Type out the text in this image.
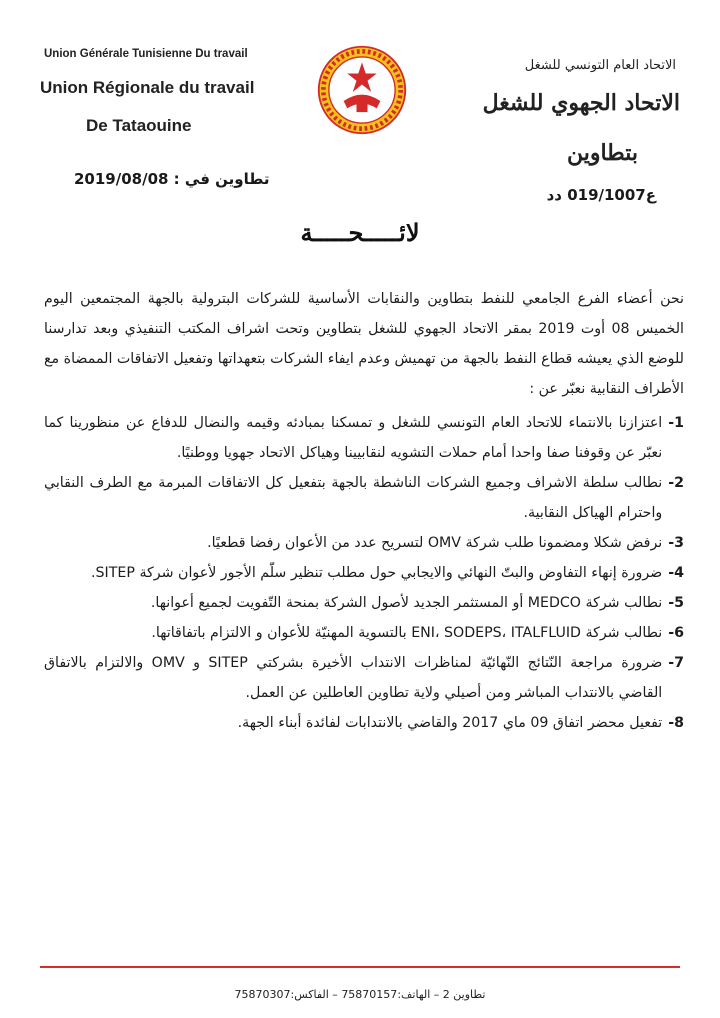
Union Générale Tunisienne Du travail
Union Régionale du travail
De Tataouine
الاتحاد العام التونسي للشغل
الاتحاد الجهوي للشغل
بتطاوين
تطاوين في : 2019/08/08
ع019/1007 دد
لائـــــحـــــة

نحن أعضاء الفرع الجامعي للنفط بتطاوين والنقابات الأساسية للشركات البترولية بالجهة المجتمعين اليوم الخميس 08 أوت 2019 بمقر الاتحاد الجهوي للشغل بتطاوين وتحت اشراف المكتب التنفيذي وبعد تدارسنا للوضع الذي يعيشه قطاع النفط بالجهة من تهميش وعدم ايفاء الشركات بتعهداتها وتفعيل الاتفاقات الممضاة مع الأطراف النقابية نعبّر عن :

1-
اعتزازنا بالانتماء للاتحاد العام التونسي للشغل و تمسكنا بمبادئه وقيمه والنضال للدفاع عن منظورينا كما نعبّر عن وقوفنا صفا واحدا أمام حملات التشويه لنقابيينا وهياكل الاتحاد جهويا ووطنيًا.
2-
نطالب سلطة الاشراف وجميع الشركات الناشطة بالجهة بتفعيل كل الاتفاقات المبرمة مع الطرف النقابي واحترام الهياكل النقابية.
3-
نرفض شكلا ومضمونا طلب شركة OMV لتسريح عدد من الأعوان رفضا قطعيًا.
4-
ضرورة إنهاء التفاوض والبتّ النهائي والايجابي حول مطلب تنظير سلّم الأجور لأعوان شركة SITEP.
5-
نطالب شركة MEDCO أو المستثمر الجديد لأصول الشركة بمنحة التّفويت لجميع أعوانها.
6-
نطالب شركة ENI، SODEPS، ITALFLUID بالتسوية المهنيّة للأعوان و الالتزام باتفاقاتها.
7-
ضرورة مراجعة النّتائج النّهائيّة لمناظرات الانتداب الأخيرة بشركتي SITEP و OMV والالتزام بالاتفاق القاضي بالانتداب المباشر ومن أصيلي ولاية تطاوين العاطلين عن العمل.
8-
تفعيل محضر اتفاق 09 ماي 2017 والقاضي بالانتدابات لفائدة أبناء الجهة.
تطاوين 2 – الهاتف:75870157 – الفاكس:75870307
